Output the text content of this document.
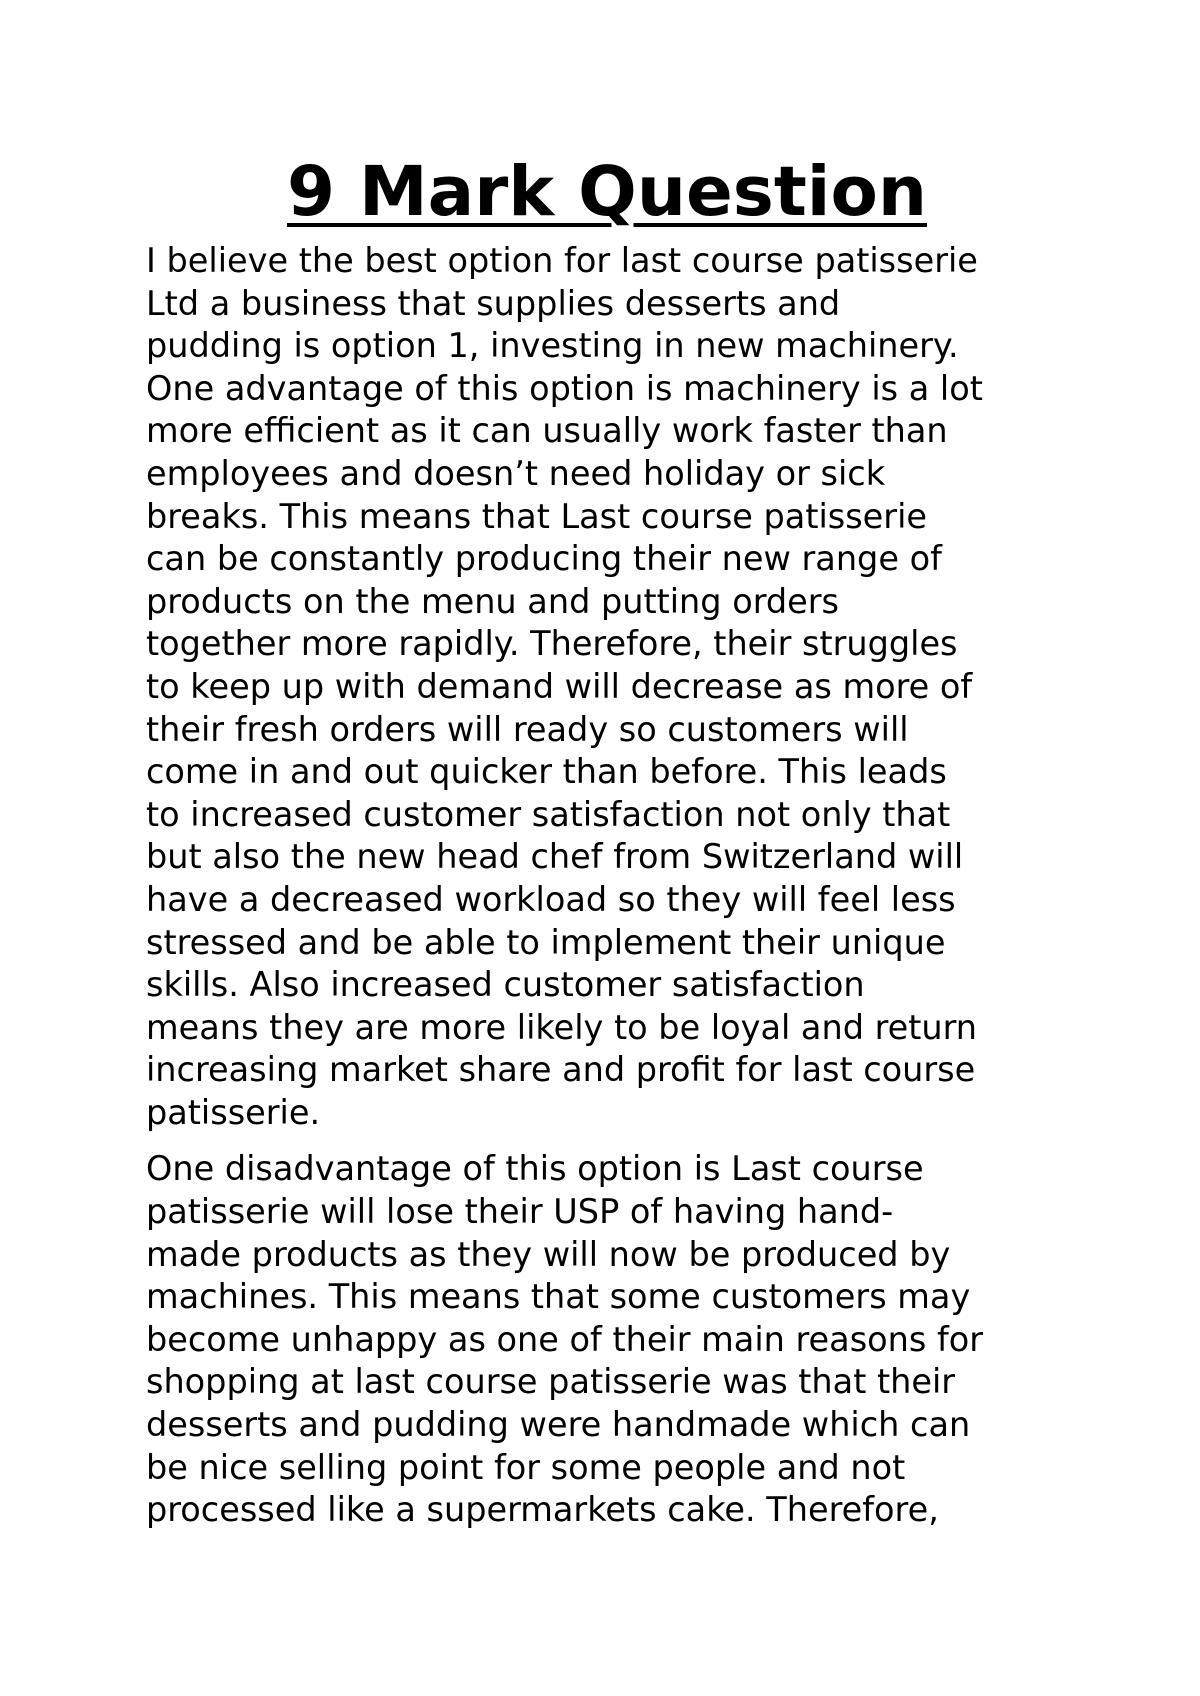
9 Mark Question

I believe the best option for last course patisserie
Ltd a business that supplies desserts and
pudding is option 1, investing in new machinery.
One advantage of this option is machinery is a lot
more efficient as it can usually work faster than
employees and doesn’t need holiday or sick
breaks. This means that Last course patisserie
can be constantly producing their new range of
products on the menu and putting orders
together more rapidly. Therefore, their struggles
to keep up with demand will decrease as more of
their fresh orders will ready so customers will
come in and out quicker than before. This leads
to increased customer satisfaction not only that
but also the new head chef from Switzerland will
have a decreased workload so they will feel less
stressed and be able to implement their unique
skills. Also increased customer satisfaction
means they are more likely to be loyal and return
increasing market share and profit for last course
patisserie.

One disadvantage of this option is Last course
patisserie will lose their USP of having hand-
made products as they will now be produced by
machines. This means that some customers may
become unhappy as one of their main reasons for
shopping at last course patisserie was that their
desserts and pudding were handmade which can
be nice selling point for some people and not
processed like a supermarkets cake. Therefore,
